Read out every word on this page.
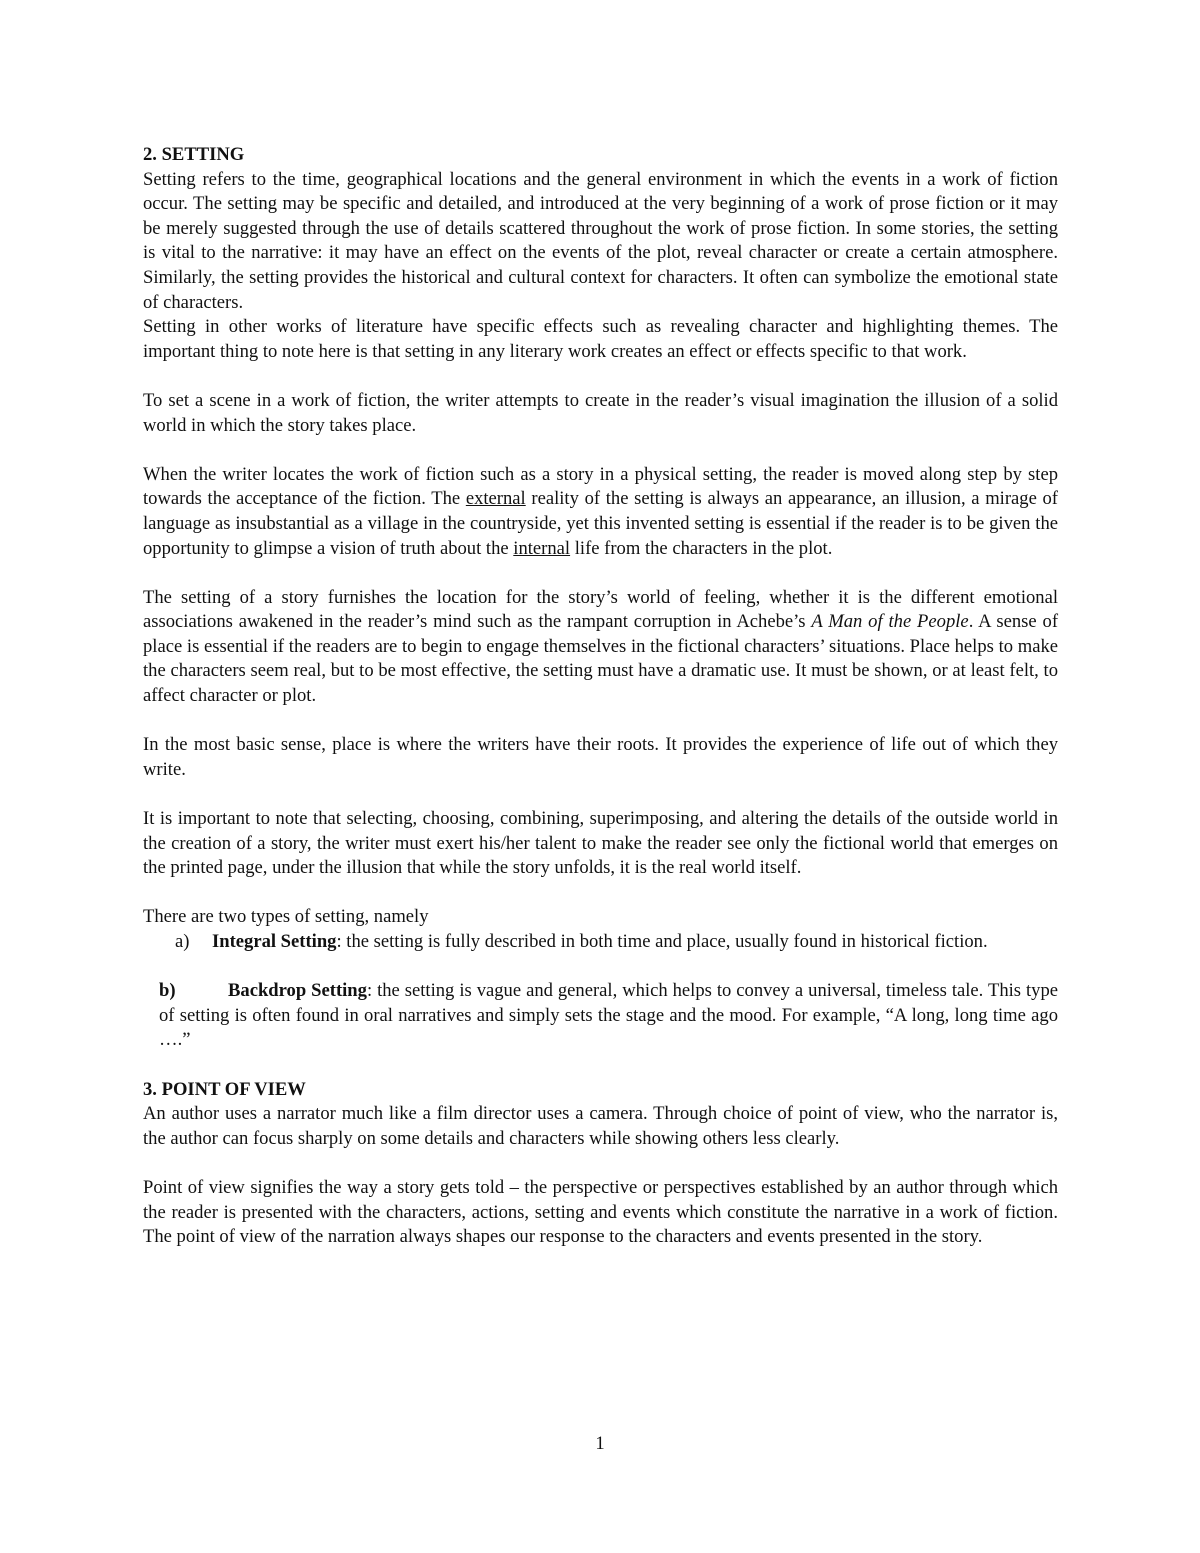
2. SETTING

Setting refers to the time, geographical locations and the general environment in which the events in a work of fiction occur. The setting may be specific and detailed, and introduced at the very beginning of a work of prose fiction or it may be merely suggested through the use of details scattered throughout the work of prose fiction. In some stories, the setting is vital to the narrative: it may have an effect on the events of the plot, reveal character or create a certain atmosphere. Similarly, the setting provides the historical and cultural context for characters. It often can symbolize the emotional state of characters.

Setting in other works of literature have specific effects such as revealing character and highlighting themes. The important thing to note here is that setting in any literary work creates an effect or effects specific to that work.

To set a scene in a work of fiction, the writer attempts to create in the reader’s visual imagination the illusion of a solid world in which the story takes place.

When the writer locates the work of fiction such as a story in a physical setting, the reader is moved along step by step towards the acceptance of the fiction. The external reality of the setting is always an appearance, an illusion, a mirage of language as insubstantial as a village in the countryside, yet this invented setting is essential if the reader is to be given the opportunity to glimpse a vision of truth about the internal life from the characters in the plot.

The setting of a story furnishes the location for the story’s world of feeling, whether it is the different emotional associations awakened in the reader’s mind such as the rampant corruption in Achebe’s A Man of the People. A sense of place is essential if the readers are to begin to engage themselves in the fictional characters’ situations. Place helps to make the characters seem real, but to be most effective, the setting must have a dramatic use. It must be shown, or at least felt, to affect character or plot.

In the most basic sense, place is where the writers have their roots. It provides the experience of life out of which they write.

It is important to note that selecting, choosing, combining, superimposing, and altering the details of the outside world in the creation of a story, the writer must exert his/her talent to make the reader see only the fictional world that emerges on the printed page, under the illusion that while the story unfolds, it is the real world itself.

There are two types of setting, namely

a) Integral Setting: the setting is fully described in both time and place, usually found in historical fiction.
b)	Backdrop Setting: the setting is vague and general, which helps to convey a universal, timeless tale. This type of setting is often found in oral narratives and simply sets the stage and the mood. For example, “A long, long time ago ….”
3. POINT OF VIEW

An author uses a narrator much like a film director uses a camera. Through choice of point of view, who the narrator is, the author can focus sharply on some details and characters while showing others less clearly.

Point of view signifies the way a story gets told – the perspective or perspectives established by an author through which the reader is presented with the characters, actions, setting and events which constitute the narrative in a work of fiction. The point of view of the narration always shapes our response to the characters and events presented in the story.

1
